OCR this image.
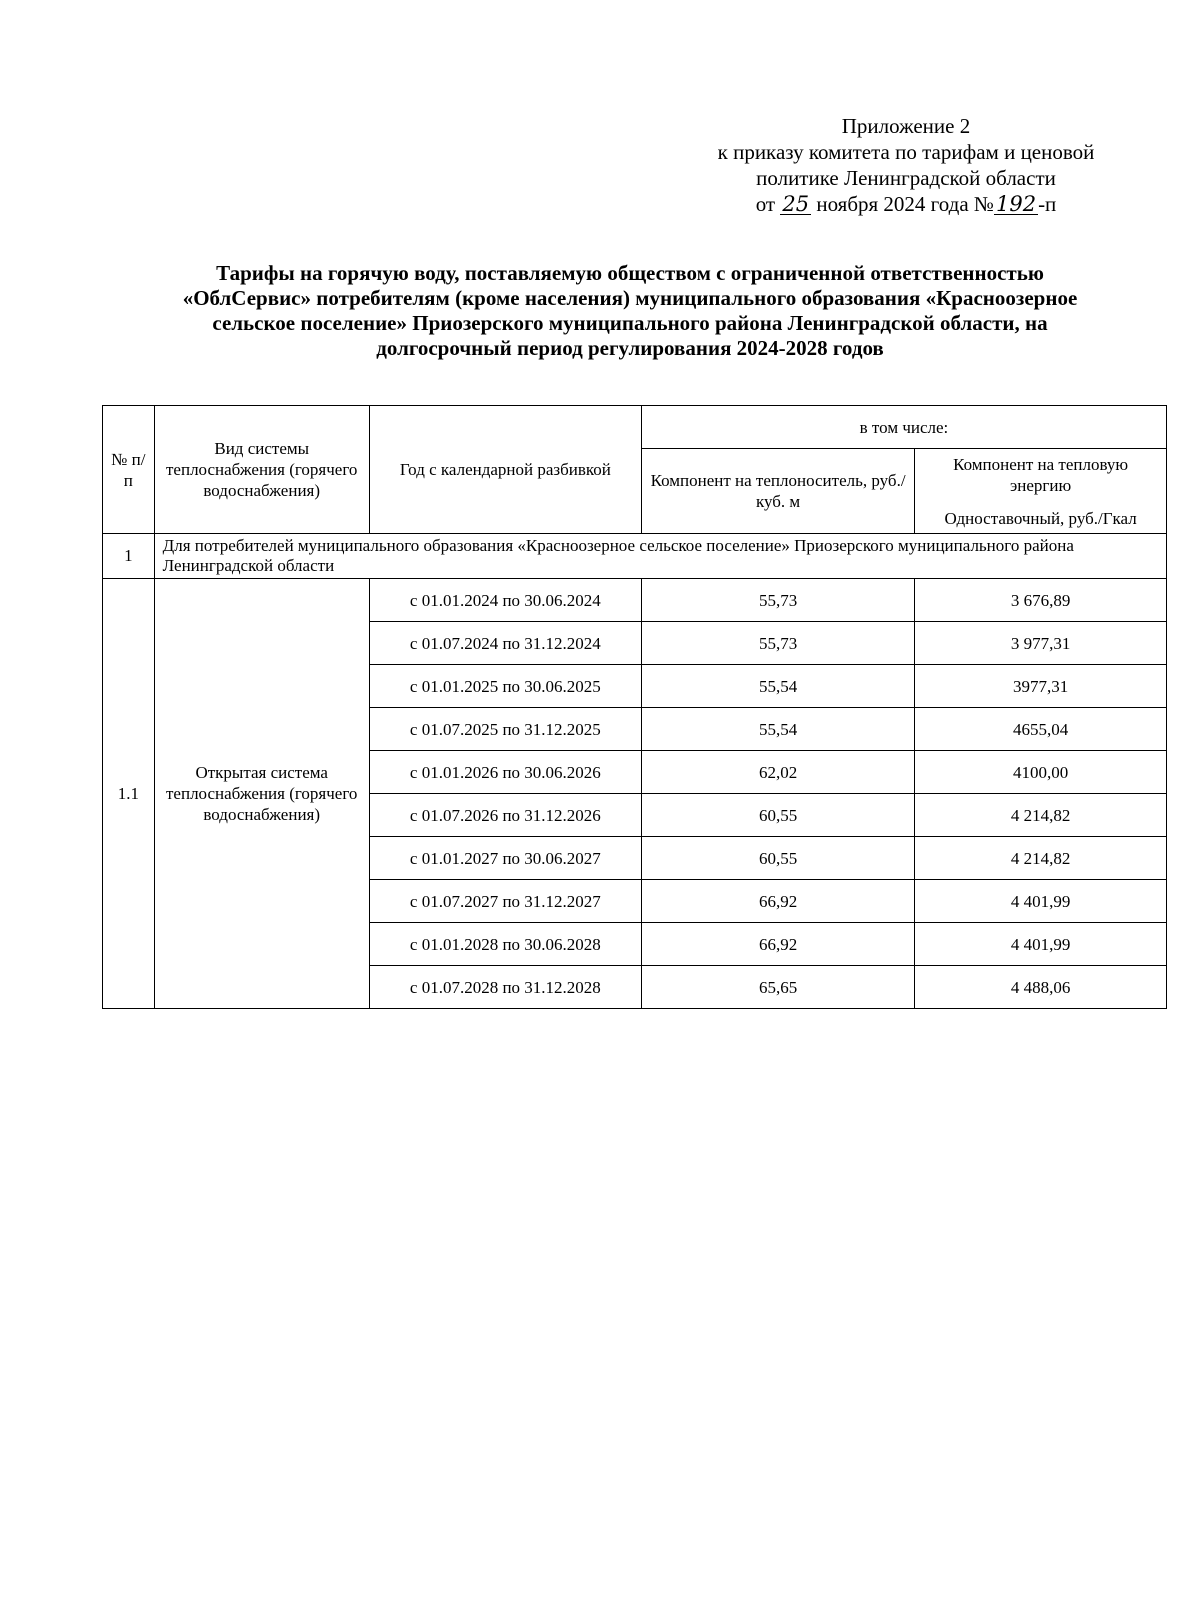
Приложение 2
к приказу комитета по тарифам и ценовой
политике Ленинградской области
от 25 ноября 2024 года №192-п
Тарифы на горячую воду, поставляемую обществом с ограниченной ответственностью
«ОблСервис» потребителям (кроме населения) муниципального образования «Красноозерное
сельское поселение» Приозерского муниципального района Ленинградской области, на
долгосрочный период регулирования 2024-2028 годов
№ п/п	Вид системы теплоснабжения (горячего водоснабжения)	Год с календарной разбивкой	в том числе:	
			Компонент на теплоноситель, руб./куб. м	Компонент на тепловую энергию
Одноставочный, руб./Гкал
1	Для потребителей муниципального образования «Красноозерное сельское поселение» Приозерского муниципального района Ленинградской области			
1.1	Открытая система теплоснабжения (горячего водоснабжения)	с 01.01.2024 по 30.06.2024	55,73	3 676,89
		с 01.07.2024 по 31.12.2024	55,73	3 977,31
		с 01.01.2025 по 30.06.2025	55,54	3977,31
		с 01.07.2025 по 31.12.2025	55,54	4655,04
		с 01.01.2026 по 30.06.2026	62,02	4100,00
		с 01.07.2026 по 31.12.2026	60,55	4 214,82
		с 01.01.2027 по 30.06.2027	60,55	4 214,82
		с 01.07.2027 по 31.12.2027	66,92	4 401,99
		с 01.01.2028 по 30.06.2028	66,92	4 401,99
		с 01.07.2028 по 31.12.2028	65,65	4 488,06
